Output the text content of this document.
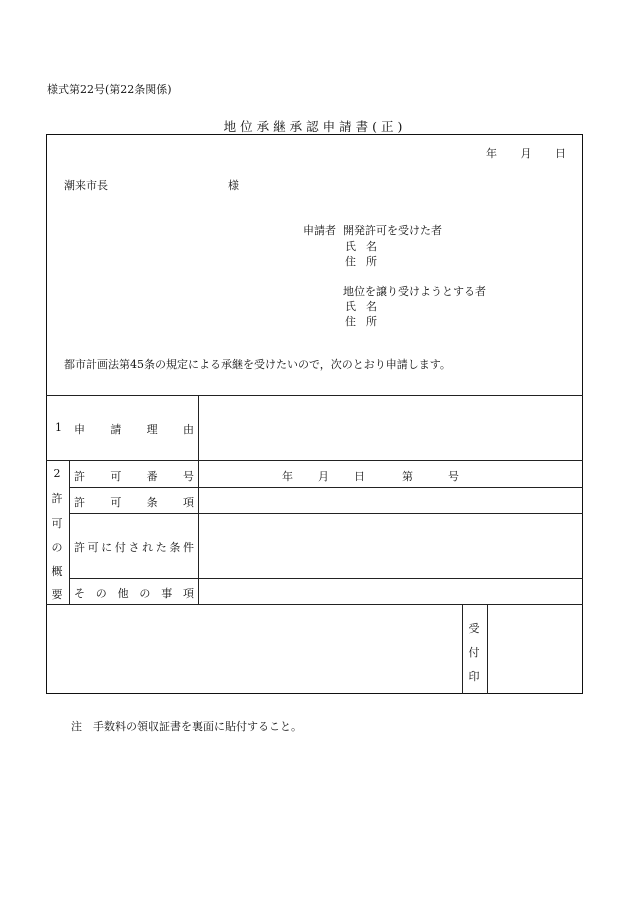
様式第22号(第22条関係)
地位承継承認申請書(正)
年 月 日
潮来市長	様
申請者 開発許可を受けた者
氏 名
住 所
地位を譲り受けようとする者
氏 名
住 所
都市計画法第45条の規定による承継を受けたいので，次のとおり申請します。
1 申 請 理 由
2
許
可
の
概
要
許 可 番 号	年 月 日	第	号
許 可 条 項
許 可 に 付 さ れ た 条 件
そ の 他 の 事 項
受
付
印
注　手数料の領収証書を裏面に貼付すること。
